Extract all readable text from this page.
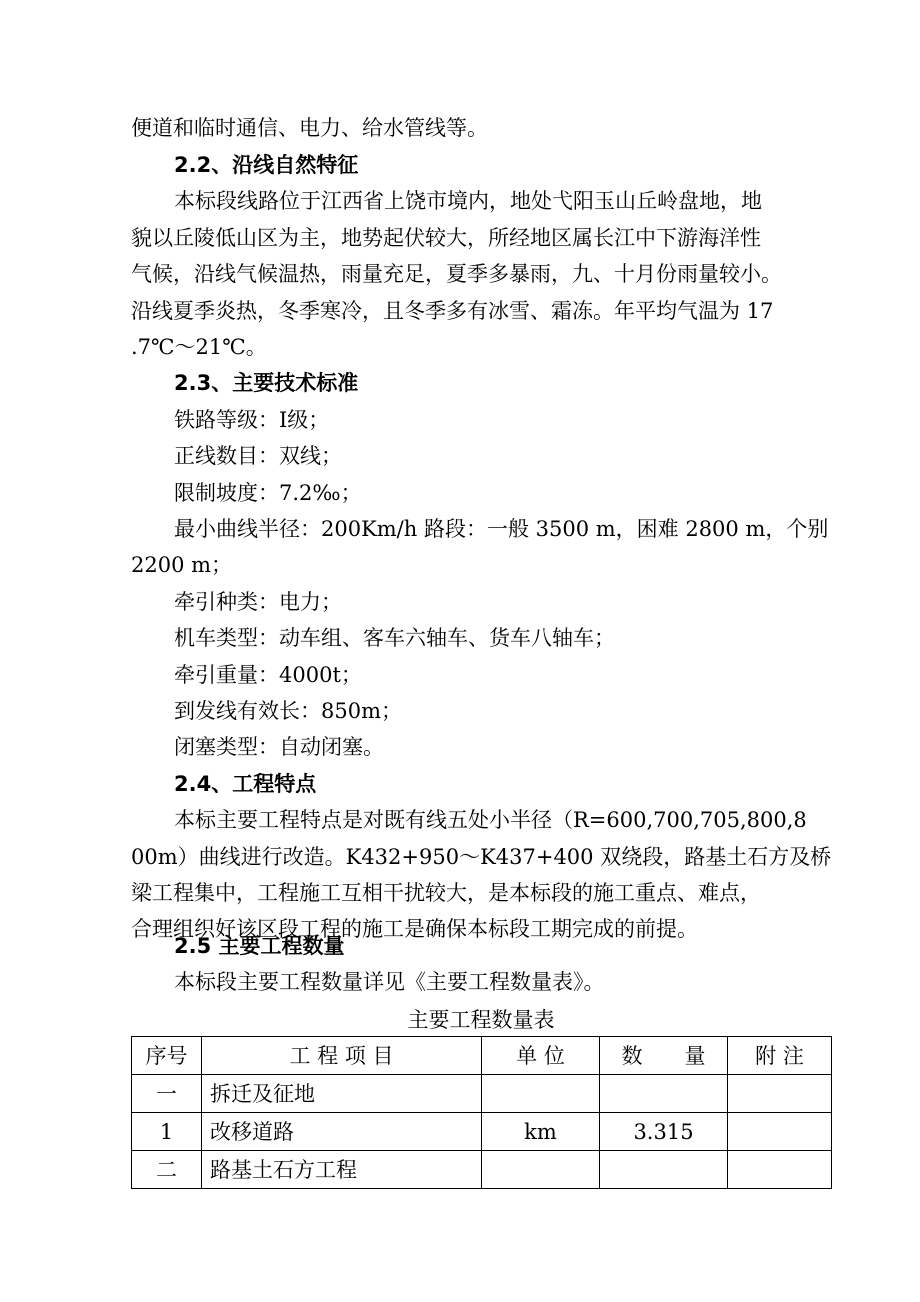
便道和临时通信、电力、给水管线等。
2.2、沿线自然特征
本标段线路位于江西省上饶市境内，地处弋阳玉山丘岭盘地，地
貌以丘陵低山区为主，地势起伏较大，所经地区属长江中下游海洋性
气候，沿线气候温热，雨量充足，夏季多暴雨，九、十月份雨量较小。
沿线夏季炎热，冬季寒冷，且冬季多有冰雪、霜冻。年平均气温为 17
.7℃～21℃。
2.3、主要技术标准
铁路等级：Ⅰ级；
正线数目：双线；
限制坡度：7.2‰；
最小曲线半径：200Km/h 路段：一般 3500 m，困难 2800 m，个别
2200 m；
牵引种类：电力；
机车类型：动车组、客车六轴车、货车八轴车；
牵引重量：4000t；
到发线有效长：850m；
闭塞类型：自动闭塞。
2.4、工程特点
本标主要工程特点是对既有线五处小半径（R=600,700,705,800,8
00m）曲线进行改造。K432+950～K437+400 双绕段，路基土石方及桥
梁工程集中，工程施工互相干扰较大，是本标段的施工重点、难点，
合理组织好该区段工程的施工是确保本标段工期完成的前提。
2.5 主要工程数量
本标段主要工程数量详见《主要工程数量表》。
主要工程数量表
序号	工 程 项 目	单 位	数　　量	附 注
一	拆迁及征地			
1	改移道路	km	3.315	
二	路基土石方工程			
